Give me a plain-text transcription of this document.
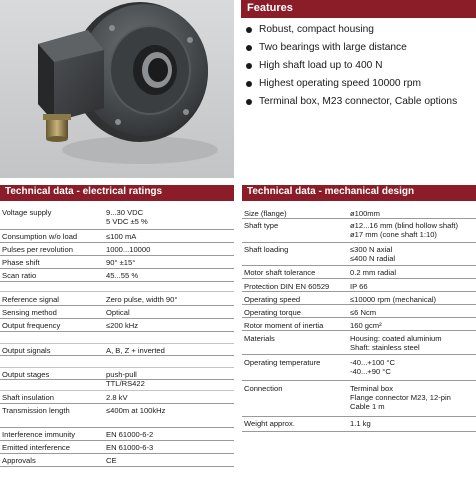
Features
Robust, compact housing
Two bearings with large distance
High shaft load up to 400 N
Highest operating speed 10000 rpm
Terminal box, M23 connector, Cable options
Technical data - electrical ratings	Technical data - mechanical design
Voltage supply	9...30 VDC
5 VDC ±5 %
Consumption w/o load	≤100 mA
Pulses per revolution	1000...10000
Phase shift	90° ±15°
Scan ratio	45...55 %
Reference signal	Zero pulse, width 90°
Sensing method	Optical
Output frequency	≤200 kHz
Output signals	A, B, Z + inverted
Output stages	push-pull
TTL/RS422
Shaft insulation	2.8 kV
Transmission length	≤400m at 100kHz
Interference immunity	EN 61000-6-2
Emitted interference	EN 61000-6-3
Approvals	CE
Size (flange)	ø100mm
Shaft type	ø12...16 mm (blind hollow shaft)
ø17 mm (cone shaft 1:10)
Shaft loading	≤300 N axial
≤400 N radial
Motor shaft tolerance	0.2 mm radial
Protection DIN EN 60529	IP 66
Operating speed	≤10000 rpm (mechanical)
Operating torque	≤6 Ncm
Rotor moment of inertia	160 gcm²
Materials	Housing: coated aluminium
Shaft: stainless steel
Operating temperature	-40...+100 °C
-40...+90 °C
Connection	Terminal box
Flange connector M23, 12-pin
Cable 1 m
Weight approx.	1.1 kg
